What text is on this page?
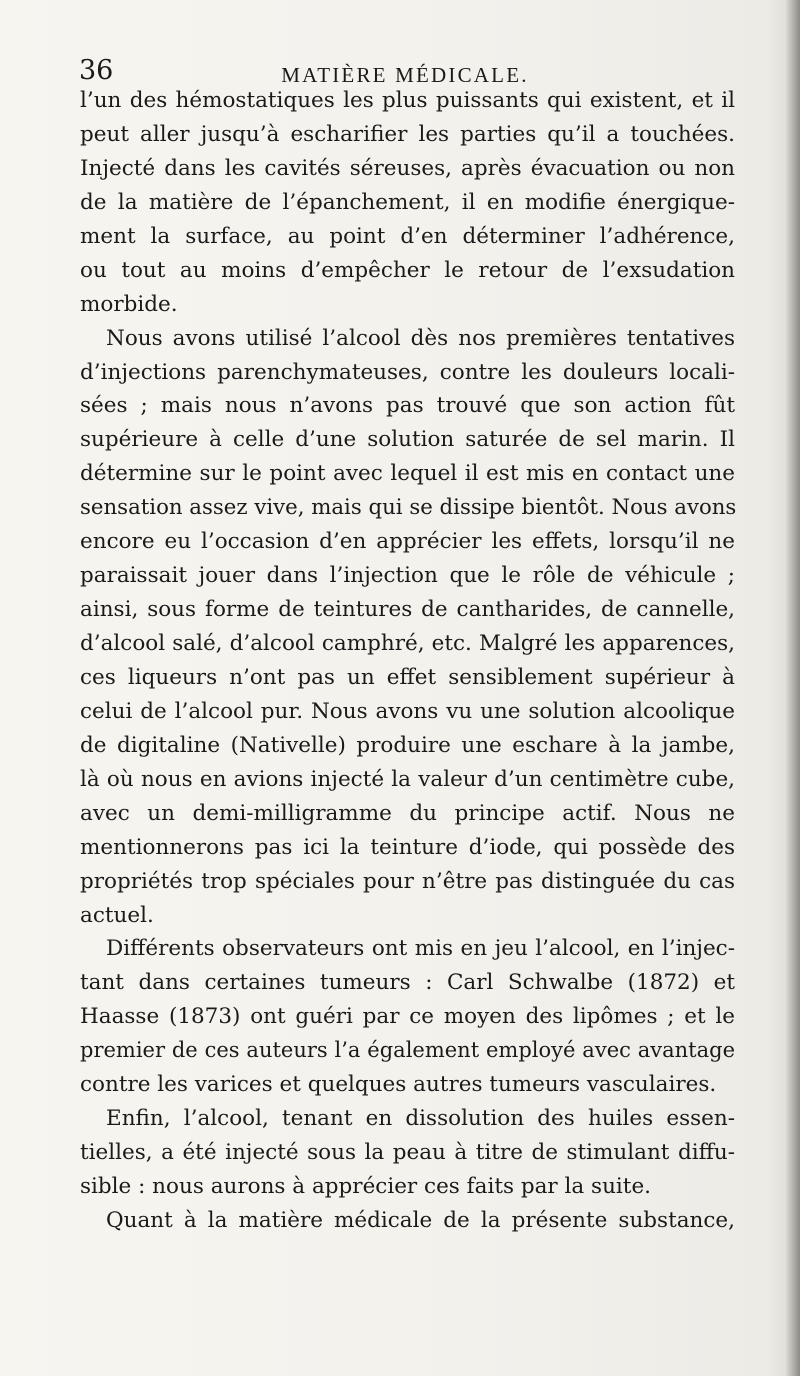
36	MATIÈRE MÉDICALE.
l’un des hémostatiques les plus puissants qui existent, et il
peut aller jusqu’à escharifier les parties qu’il a touchées.
Injecté dans les cavités séreuses, après évacuation ou non
de la matière de l’épanchement, il en modifie énergique-
ment la surface, au point d’en déterminer l’adhérence,
ou tout au moins d’empêcher le retour de l’exsudation
morbide.
Nous avons utilisé l’alcool dès nos premières tentatives
d’injections parenchymateuses, contre les douleurs locali-
sées ; mais nous n’avons pas trouvé que son action fût
supérieure à celle d’une solution saturée de sel marin. Il
détermine sur le point avec lequel il est mis en contact une
sensation assez vive, mais qui se dissipe bientôt. Nous avons
encore eu l’occasion d’en apprécier les effets, lorsqu’il ne
paraissait jouer dans l’injection que le rôle de véhicule ;
ainsi, sous forme de teintures de cantharides, de cannelle,
d’alcool salé, d’alcool camphré, etc. Malgré les apparences,
ces liqueurs n’ont pas un effet sensiblement supérieur à
celui de l’alcool pur. Nous avons vu une solution alcoolique
de digitaline (Nativelle) produire une eschare à la jambe,
là où nous en avions injecté la valeur d’un centimètre cube,
avec un demi-milligramme du principe actif. Nous ne
mentionnerons pas ici la teinture d’iode, qui possède des
propriétés trop spéciales pour n’être pas distinguée du cas
actuel.
Différents observateurs ont mis en jeu l’alcool, en l’injec-
tant dans certaines tumeurs : Carl Schwalbe (1872) et
Haasse (1873) ont guéri par ce moyen des lipômes ; et le
premier de ces auteurs l’a également employé avec avantage
contre les varices et quelques autres tumeurs vasculaires.
Enfin, l’alcool, tenant en dissolution des huiles essen-
tielles, a été injecté sous la peau à titre de stimulant diffu-
sible : nous aurons à apprécier ces faits par la suite.
Quant à la matière médicale de la présente substance,
